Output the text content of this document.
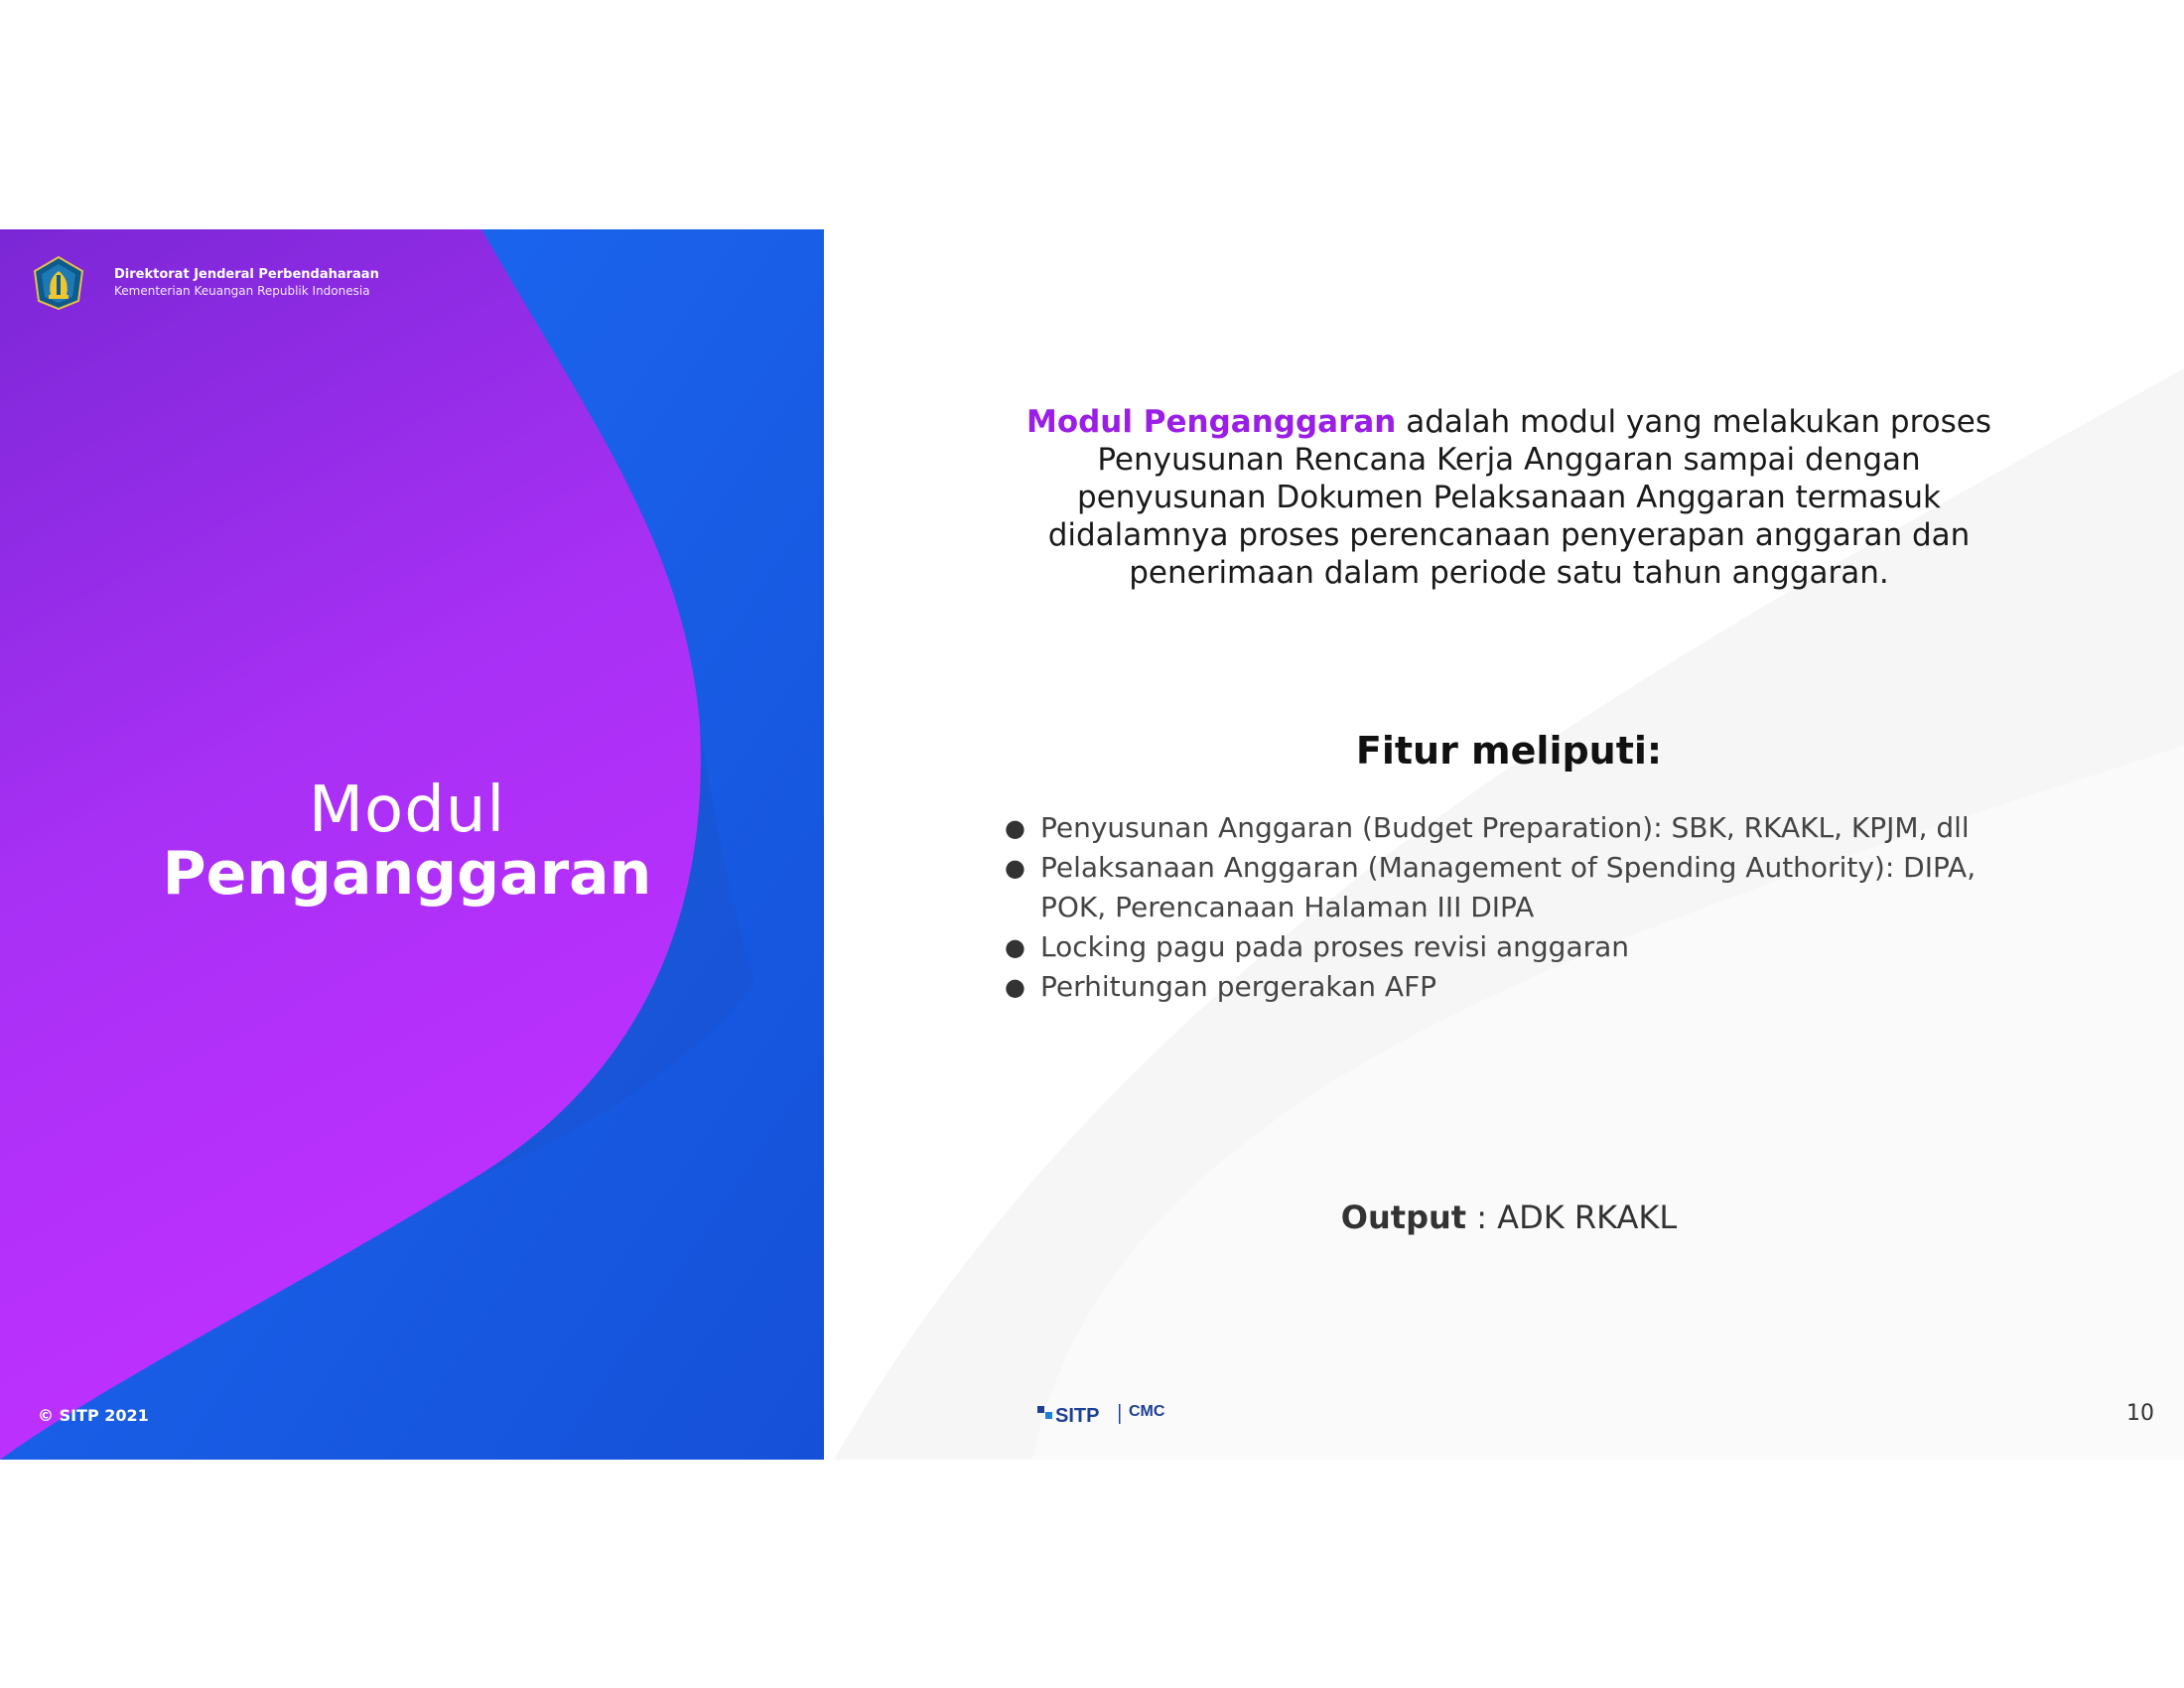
Direktorat Jenderal Perbendaharaan
Kementerian Keuangan Republik Indonesia
Modul
Penganggaran
© SITP 2021
Modul Penganggaran adalah modul yang melakukan proses Penyusunan Rencana Kerja Anggaran sampai dengan penyusunan Dokumen Pelaksanaan Anggaran termasuk didalamnya proses perencanaan penyerapan anggaran dan penerimaan dalam periode satu tahun anggaran.
Fitur meliputi:
● Penyusunan Anggaran (Budget Preparation): SBK, RKAKL, KPJM, dll
● Pelaksanaan Anggaran (Management of Spending Authority): DIPA, POK, Perencanaan Halaman III DIPA
● Locking pagu pada proses revisi anggaran
● Perhitungan pergerakan AFP
Output : ADK RKAKL
SITP CMC	10
